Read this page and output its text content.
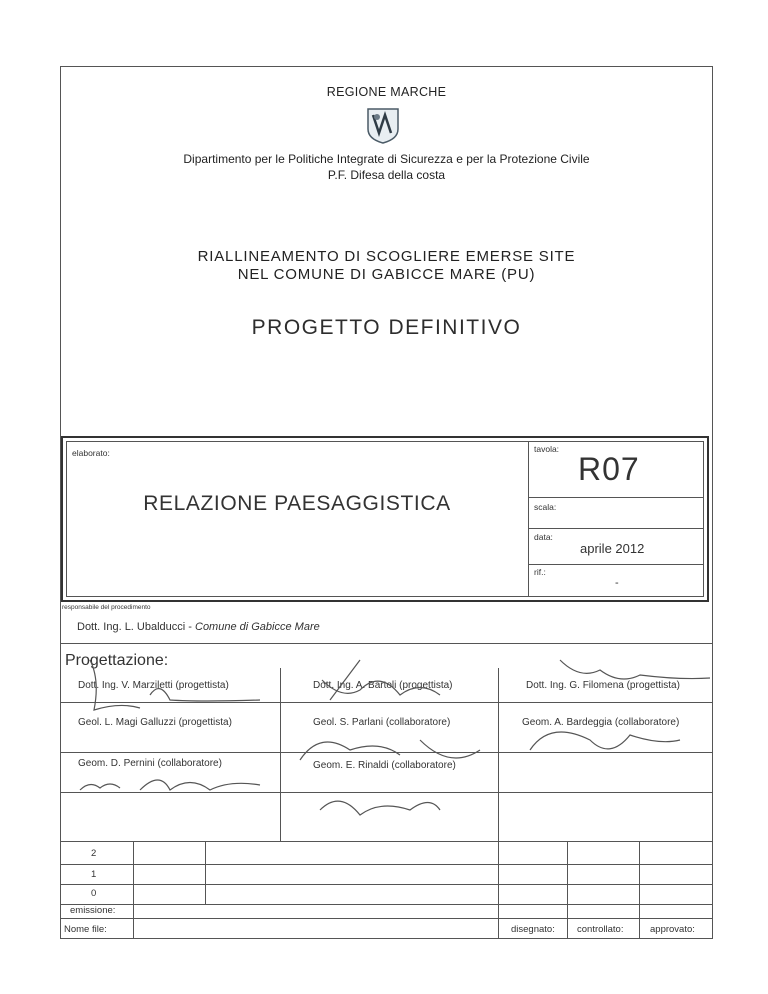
REGIONE MARCHE
Dipartimento per le Politiche Integrate di Sicurezza e per la Protezione Civile
P.F. Difesa della costa
RIALLINEAMENTO DI SCOGLIERE EMERSE SITE
NEL COMUNE DI GABICCE MARE (PU)
PROGETTO DEFINITIVO
elaborato:
RELAZIONE PAESAGGISTICA
tavola:
R07
scala:
data:
aprile 2012
rif.:
-
responsabile del procedimento
Dott. Ing. L. Ubalducci - Comune di Gabicce Mare
Progettazione:
Dott. Ing. V. Marziletti (progettista)
Geol. L. Magi Galluzzi (progettista)
Geom. D. Pernini (collaboratore)
Dott. Ing. A. Bartoli (progettista)
Geol. S. Parlani (collaboratore)
Geom. E. Rinaldi (collaboratore)
Dott. Ing. G. Filomena (progettista)
Geom. A. Bardeggia (collaboratore)
2
1
0
emissione:
Nome file:	disegnato: controllato:	approvato:
